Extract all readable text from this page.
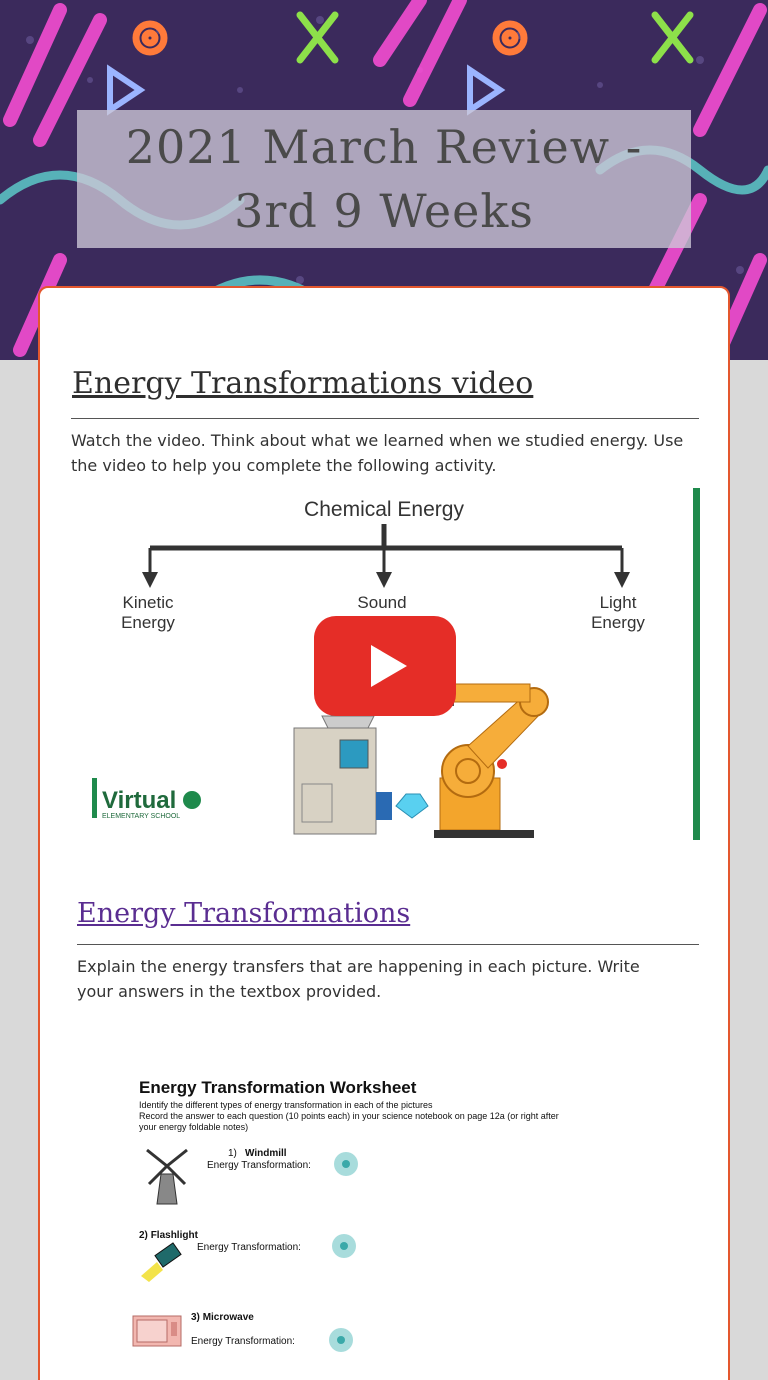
2021 March Review - 3rd 9 Weeks
Energy Transformations video

Watch the video. Think about what we learned when we studied energy. Use the video to help you complete the following activity.

Chemical Energy
Kinetic Energy
Sound	Light Energy
Virtual
ELEMENTARY SCHOOL
Energy Transformations

Explain the energy transfers that are happening in each picture. Write your answers in the textbox provided.

Energy Transformation Worksheet
Identify the different types of energy transformation in each of the pictures
Record the answer to each question (10 points each) in your science notebook on page 12a (or right after
your energy foldable notes)
1) Windmill
Energy Transformation:
2) Flashlight
Energy Transformation:
3) Microwave
Energy Transformation:
